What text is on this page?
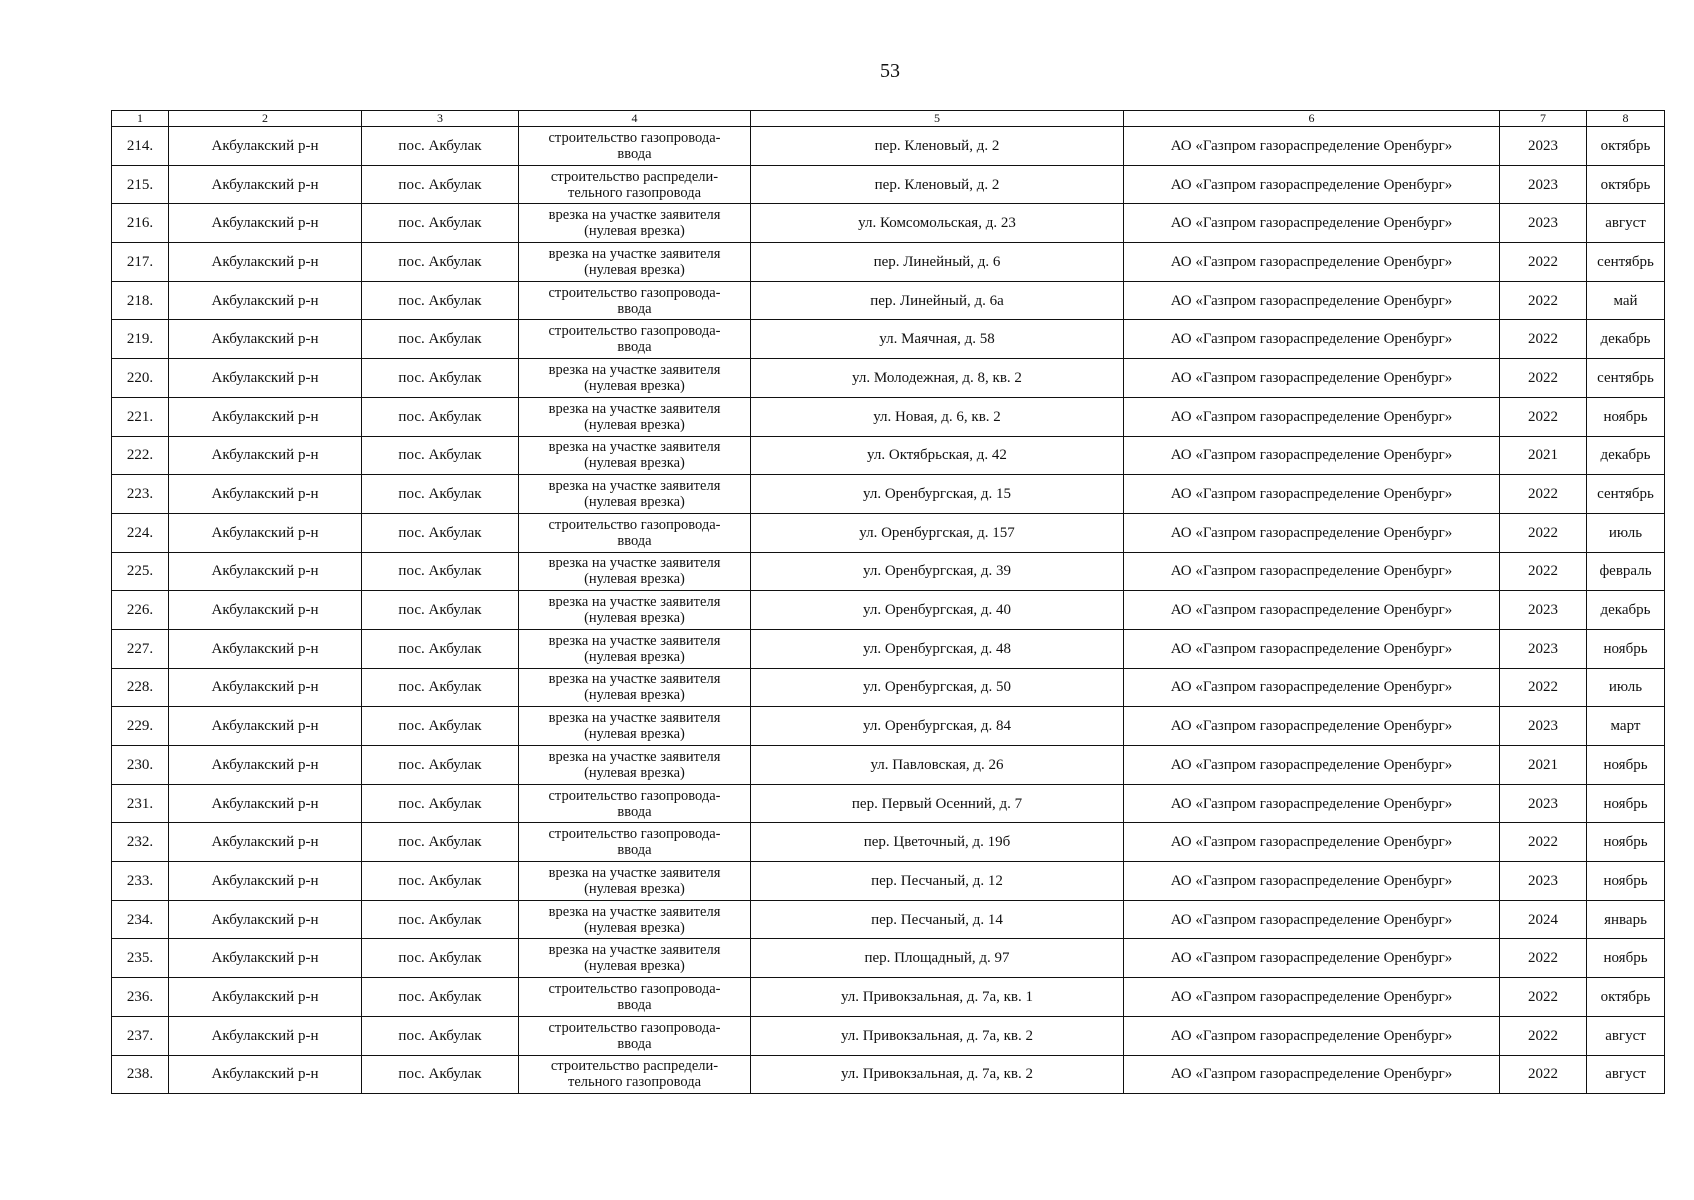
53
1	2	3	4	5	6	7	8
214.	Акбулакский р-н	пос. Акбулак	строительство газопровода-
ввода	пер. Кленовый, д. 2	АО «Газпром газораспределение Оренбург»	2023	октябрь
215.	Акбулакский р-н	пос. Акбулак	строительство распредели-
тельного газопровода	пер. Кленовый, д. 2	АО «Газпром газораспределение Оренбург»	2023	октябрь
216.	Акбулакский р-н	пос. Акбулак	врезка на участке заявителя
(нулевая врезка)	ул. Комсомольская, д. 23	АО «Газпром газораспределение Оренбург»	2023	август
217.	Акбулакский р-н	пос. Акбулак	врезка на участке заявителя
(нулевая врезка)	пер. Линейный, д. 6	АО «Газпром газораспределение Оренбург»	2022	сентябрь
218.	Акбулакский р-н	пос. Акбулак	строительство газопровода-
ввода	пер. Линейный, д. 6а	АО «Газпром газораспределение Оренбург»	2022	май
219.	Акбулакский р-н	пос. Акбулак	строительство газопровода-
ввода	ул. Маячная, д. 58	АО «Газпром газораспределение Оренбург»	2022	декабрь
220.	Акбулакский р-н	пос. Акбулак	врезка на участке заявителя
(нулевая врезка)	ул. Молодежная, д. 8, кв. 2	АО «Газпром газораспределение Оренбург»	2022	сентябрь
221.	Акбулакский р-н	пос. Акбулак	врезка на участке заявителя
(нулевая врезка)	ул. Новая, д. 6, кв. 2	АО «Газпром газораспределение Оренбург»	2022	ноябрь
222.	Акбулакский р-н	пос. Акбулак	врезка на участке заявителя
(нулевая врезка)	ул. Октябрьская, д. 42	АО «Газпром газораспределение Оренбург»	2021	декабрь
223.	Акбулакский р-н	пос. Акбулак	врезка на участке заявителя
(нулевая врезка)	ул. Оренбургская, д. 15	АО «Газпром газораспределение Оренбург»	2022	сентябрь
224.	Акбулакский р-н	пос. Акбулак	строительство газопровода-
ввода	ул. Оренбургская, д. 157	АО «Газпром газораспределение Оренбург»	2022	июль
225.	Акбулакский р-н	пос. Акбулак	врезка на участке заявителя
(нулевая врезка)	ул. Оренбургская, д. 39	АО «Газпром газораспределение Оренбург»	2022	февраль
226.	Акбулакский р-н	пос. Акбулак	врезка на участке заявителя
(нулевая врезка)	ул. Оренбургская, д. 40	АО «Газпром газораспределение Оренбург»	2023	декабрь
227.	Акбулакский р-н	пос. Акбулак	врезка на участке заявителя
(нулевая врезка)	ул. Оренбургская, д. 48	АО «Газпром газораспределение Оренбург»	2023	ноябрь
228.	Акбулакский р-н	пос. Акбулак	врезка на участке заявителя
(нулевая врезка)	ул. Оренбургская, д. 50	АО «Газпром газораспределение Оренбург»	2022	июль
229.	Акбулакский р-н	пос. Акбулак	врезка на участке заявителя
(нулевая врезка)	ул. Оренбургская, д. 84	АО «Газпром газораспределение Оренбург»	2023	март
230.	Акбулакский р-н	пос. Акбулак	врезка на участке заявителя
(нулевая врезка)	ул. Павловская, д. 26	АО «Газпром газораспределение Оренбург»	2021	ноябрь
231.	Акбулакский р-н	пос. Акбулак	строительство газопровода-
ввода	пер. Первый Осенний, д. 7	АО «Газпром газораспределение Оренбург»	2023	ноябрь
232.	Акбулакский р-н	пос. Акбулак	строительство газопровода-
ввода	пер. Цветочный, д. 19б	АО «Газпром газораспределение Оренбург»	2022	ноябрь
233.	Акбулакский р-н	пос. Акбулак	врезка на участке заявителя
(нулевая врезка)	пер. Песчаный, д. 12	АО «Газпром газораспределение Оренбург»	2023	ноябрь
234.	Акбулакский р-н	пос. Акбулак	врезка на участке заявителя
(нулевая врезка)	пер. Песчаный, д. 14	АО «Газпром газораспределение Оренбург»	2024	январь
235.	Акбулакский р-н	пос. Акбулак	врезка на участке заявителя
(нулевая врезка)	пер. Площадный, д. 97	АО «Газпром газораспределение Оренбург»	2022	ноябрь
236.	Акбулакский р-н	пос. Акбулак	строительство газопровода-
ввода	ул. Привокзальная, д. 7а, кв. 1	АО «Газпром газораспределение Оренбург»	2022	октябрь
237.	Акбулакский р-н	пос. Акбулак	строительство газопровода-
ввода	ул. Привокзальная, д. 7а, кв. 2	АО «Газпром газораспределение Оренбург»	2022	август
238.	Акбулакский р-н	пос. Акбулак	строительство распредели-
тельного газопровода	ул. Привокзальная, д. 7а, кв. 2	АО «Газпром газораспределение Оренбург»	2022	август
